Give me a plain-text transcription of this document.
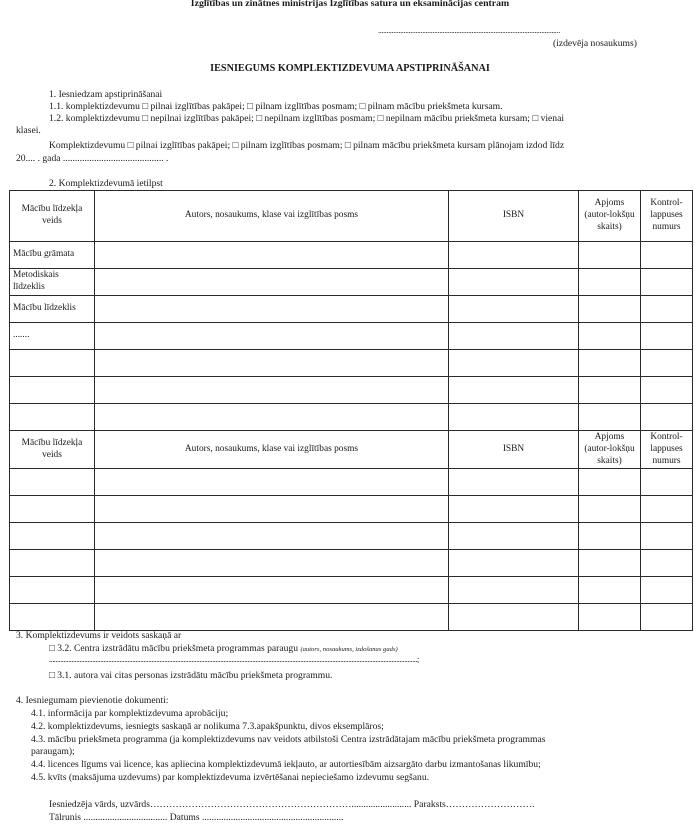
Izglītības un zinātnes ministrijas Izglītības satura un eksaminācijas centram
...........................................................................................................
(izdevēja nosaukums)
IESNIEGUMS KOMPLEKTIZDEVUMA APSTIPRINĀŠANAI
1. Iesniedzam apstiprināšanai
1.1. komplektizdevumu □ pilnai izglītības pakāpei; □ pilnam izglītības posmam; □ pilnam mācību priekšmeta kursam.
1.2. komplektizdevumu □ nepilnai izglītības pakāpei; □ nepilnam izglītības posmam; □ nepilnam mācību priekšmeta kursam; □ vienai
klasei.
Komplektizdevumu □ pilnai izglītības pakāpei; □ pilnam izglītības posmam; □ pilnam mācību priekšmeta kursam plānojam izdod līdz
20.... . gada .......................................... .
2. Komplektizdevumā ietilpst
Mācību līdzekļa veids	Autors, nosaukums, klase vai izglītības posms	ISBN	Apjoms (autor-lokšņu skaits)	Kontrol-lappuses numurs
Mācību grāmata				
Metodiskais līdzeklis				
Mācību līdzeklis				
.......				

Mācību līdzekļa veids	Autors, nosaukums, klase vai izglītības posms	ISBN	Apjoms (autor-lokšņu skaits)	Kontrol-lappuses numurs

3. Komplektizdevums ir veidots saskaņā ar
□ 3.2. Centra izstrādātu mācību priekšmeta programmas paraugu (autors, nosaukums, izdošanas gads)
......................................................................................................................................................................................................................................;
□ 3.1. autora vai citas personas izstrādātu mācību priekšmeta programmu.
4. Iesniegumam pievienotie dokumenti:
4.1. informācija par komplektizdevuma aprobāciju;
4.2. komplektizdevums, iesniegts saskaņā ar nolikuma 7.3.apakšpunktu, divos eksemplāros;
4.3. mācību priekšmeta programma (ja komplektizdevums nav veidots atbilstoši Centra izstrādātajam mācību priekšmeta programmas
paraugam);
4.4. licences līgums vai licence, kas apliecina komplektizdevumā iekļauto, ar autortiesībām aizsargāto darbu izmantošanas likumību;
4.5. kvīts (maksājuma uzdevums) par komplektizdevuma izvērtēšanai nepieciešamo izdevumu segšanu.
Iesniedzēja vārds, uzvārds………………………………………………………......................... Paraksts……………………….
Tālrunis ................................... Datums ...........................................................
